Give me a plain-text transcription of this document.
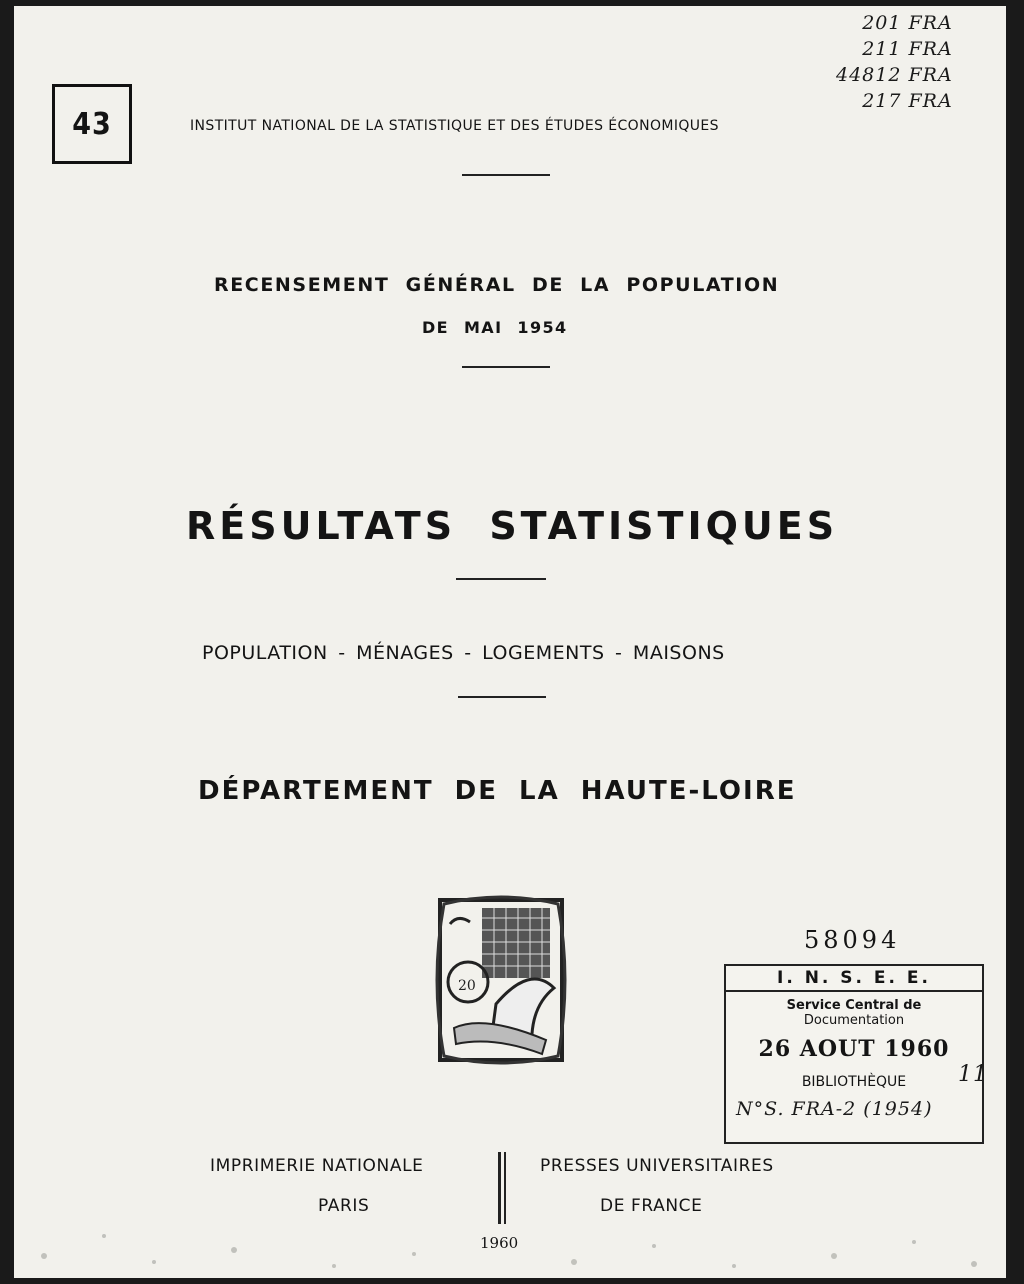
43	INSTITUT NATIONAL DE LA STATISTIQUE ET DES ÉTUDES ÉCONOMIQUES
201 FRA
211 FRA
44812 FRA
217 FRA
RECENSEMENT GÉNÉRAL DE LA POPULATION
DE MAI 1954
RÉSULTATS STATISTIQUES
POPULATION - MÉNAGES - LOGEMENTS - MAISONS
DÉPARTEMENT DE LA HAUTE-LOIRE
20
58094
I. N. S. E. E.
Service Central de
Documentation
26 AOUT 1960
BIBLIOTHÈQUE
N°S. FRA-2 (1954)
11
IMPRIMERIE NATIONALE
PARIS
PRESSES UNIVERSITAIRES
DE FRANCE
1960
